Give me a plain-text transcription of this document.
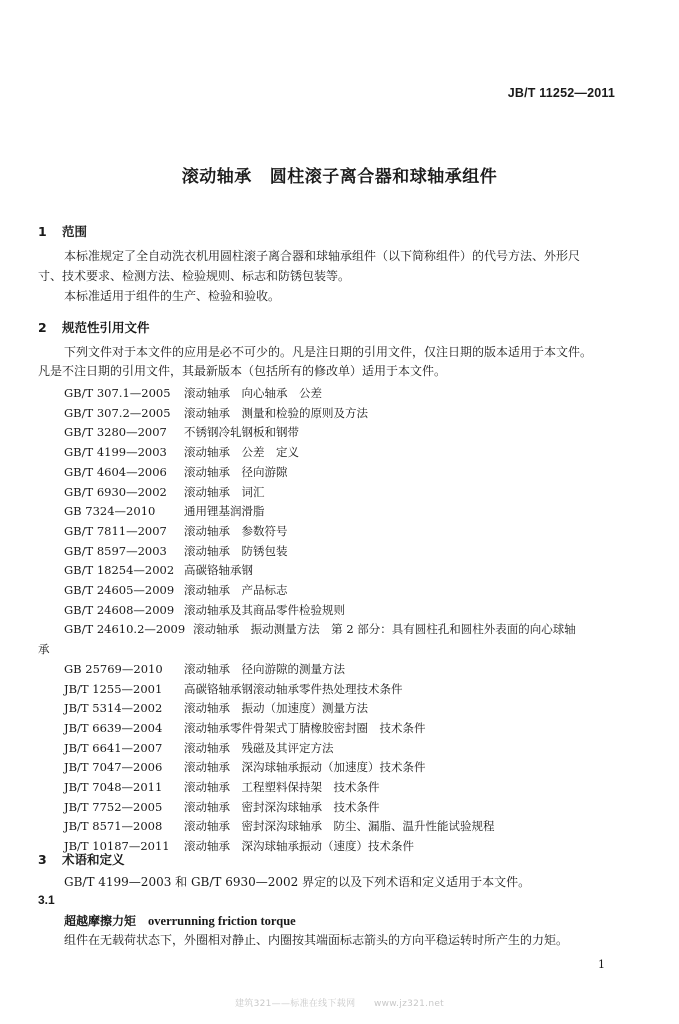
JB/T 11252—2011
滚动轴承 圆柱滚子离合器和球轴承组件
1 范围
本标准规定了全自动洗衣机用圆柱滚子离合器和球轴承组件（以下简称组件）的代号方法、外形尺
寸、技术要求、检测方法、检验规则、标志和防锈包装等。
本标准适用于组件的生产、检验和验收。
2 规范性引用文件
下列文件对于本文件的应用是必不可少的。凡是注日期的引用文件，仅注日期的版本适用于本文件。
凡是不注日期的引用文件，其最新版本（包括所有的修改单）适用于本文件。
GB/T 307.1—2005 滚动轴承　向心轴承　公差
GB/T 307.2—2005 滚动轴承　测量和检验的原则及方法
GB/T 3280—2007 不锈钢冷轧钢板和钢带
GB/T 4199—2003 滚动轴承　公差　定义
GB/T 4604—2006 滚动轴承　径向游隙
GB/T 6930—2002 滚动轴承　词汇
GB 7324—2010 通用锂基润滑脂
GB/T 7811—2007 滚动轴承　参数符号
GB/T 8597—2003 滚动轴承　防锈包装
GB/T 18254—2002 高碳铬轴承钢
GB/T 24605—2009 滚动轴承　产品标志
GB/T 24608—2009 滚动轴承及其商品零件检验规则
GB/T 24610.2—2009 滚动轴承　振动测量方法　第 2 部分：具有圆柱孔和圆柱外表面的向心球轴
承
GB 25769—2010 滚动轴承　径向游隙的测量方法
JB/T 1255—2001 高碳铬轴承钢滚动轴承零件热处理技术条件
JB/T 5314—2002 滚动轴承　振动（加速度）测量方法
JB/T 6639—2004 滚动轴承零件骨架式丁腈橡胶密封圈　技术条件
JB/T 6641—2007 滚动轴承　残磁及其评定方法
JB/T 7047—2006 滚动轴承　深沟球轴承振动（加速度）技术条件
JB/T 7048—2011 滚动轴承　工程塑料保持架　技术条件
JB/T 7752—2005 滚动轴承　密封深沟球轴承　技术条件
JB/T 8571—2008 滚动轴承　密封深沟球轴承　防尘、漏脂、温升性能试验规程
JB/T 10187—2011 滚动轴承　深沟球轴承振动（速度）技术条件
3 术语和定义
GB/T 4199—2003 和 GB/T 6930—2002 界定的以及下列术语和定义适用于本文件。
3.1
超越摩擦力矩 overrunning friction torque
组件在无载荷状态下，外圈相对静止、内圈按其端面标志箭头的方向平稳运转时所产生的力矩。
1
建筑321——标准在线下载网　　www.jz321.net
